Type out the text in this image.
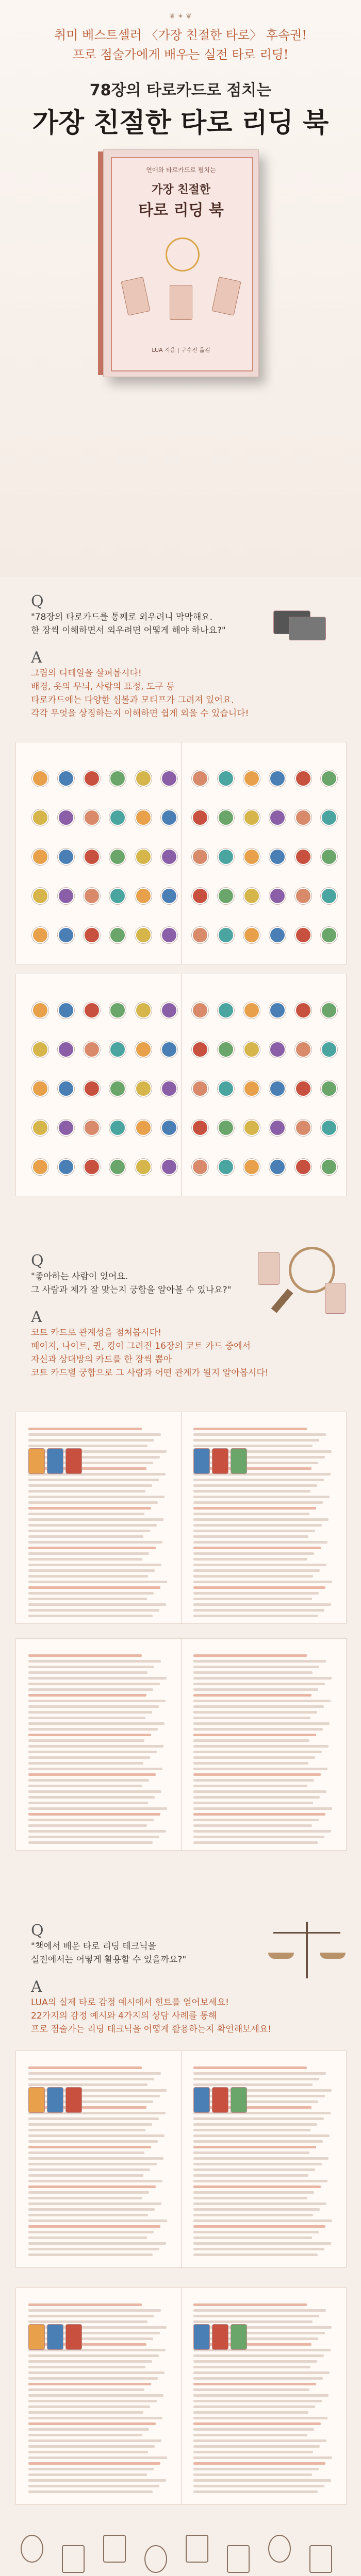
❦ ✦ ❦
취미 베스트셀러 〈가장 친절한 타로〉 후속권!
프로 점술가에게 배우는 실전 타로 리딩!
78장의 타로카드로 점치는
가장 친절한 타로 리딩 북
연애와 타로카드로 펼치는
가장 친절한
타로 리딩 북
LUA 지음 | 구수진 옮김
Q
"78장의 타로카드를 통째로 외우려니 막막해요.
한 장씩 이해하면서 외우려면 어떻게 해야 하나요?"
A
그림의 디테일을 살펴봅시다!
배경, 옷의 무늬, 사람의 표정, 도구 등
타로카드에는 다양한 심볼과 모티프가 그려져 있어요.
각각 무엇을 상징하는지 이해하면 쉽게 외울 수 있습니다!
Q
"좋아하는 사람이 있어요.
그 사람과 제가 잘 맞는지 궁합을 알아볼 수 있나요?"
A
코트 카드로 관계성을 점쳐봅시다!
페이지, 나이트, 퀸, 킹이 그려진 16장의 코트 카드 중에서
자신과 상대방의 카드를 한 장씩 뽑아
코트 카드별 궁합으로 그 사람과 어떤 관계가 될지 알아봅시다!
Q
"책에서 배운 타로 리딩 테크닉을
실전에서는 어떻게 활용할 수 있을까요?"
A
LUA의 실제 타로 감정 예시에서 힌트를 얻어보세요!
22가지의 감정 예시와 4가지의 상담 사례를 통해
프로 점술가는 리딩 테크닉을 어떻게 활용하는지 확인해보세요!
